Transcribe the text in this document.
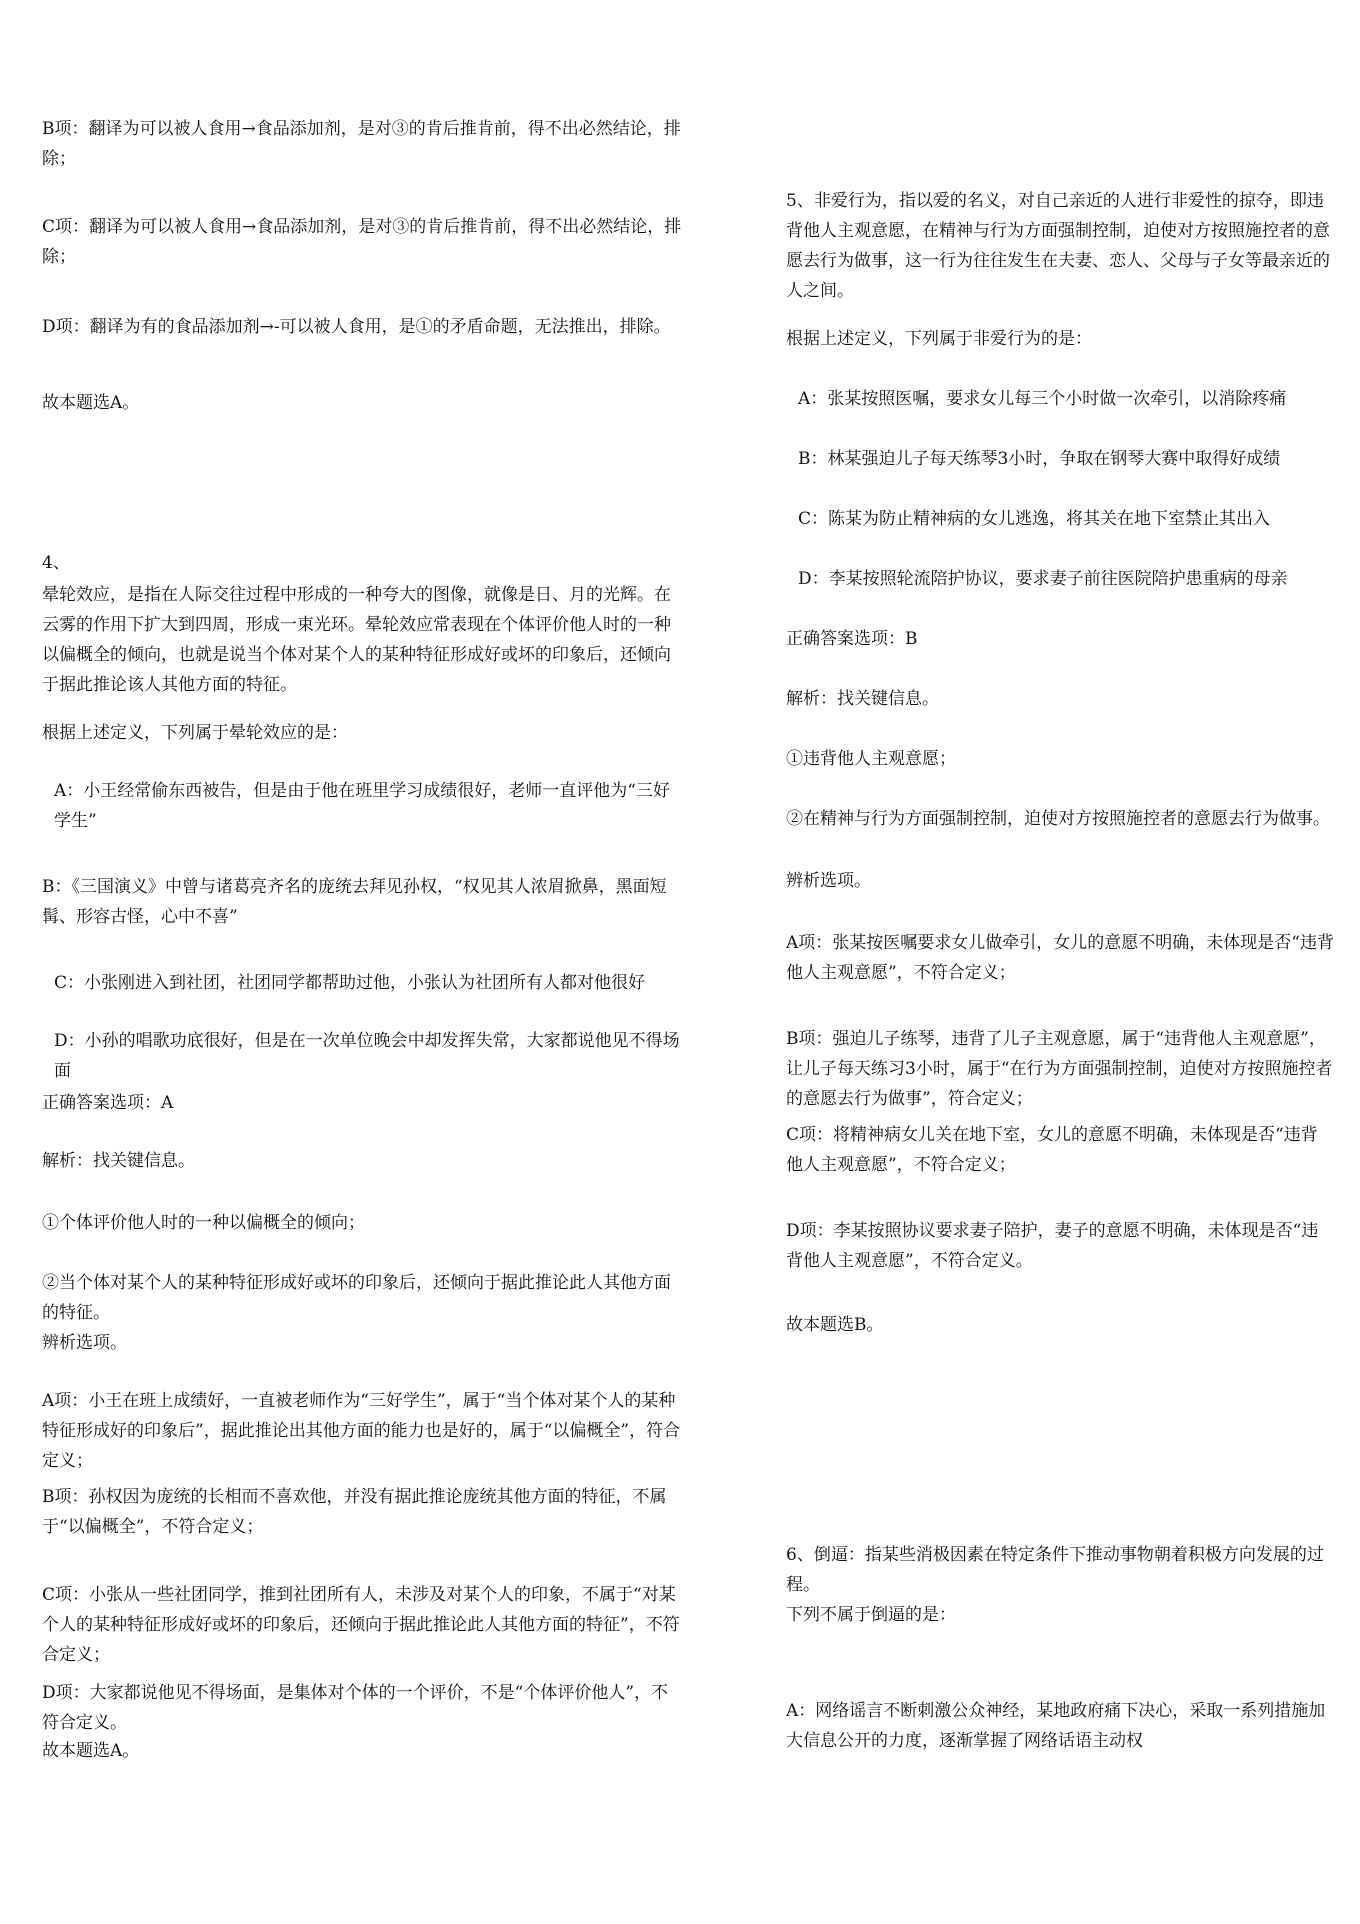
B项：翻译为可以被人食用→食品添加剂，是对③的肯后推肯前，得不出必然结论，排除；
C项：翻译为可以被人食用→食品添加剂，是对③的肯后推肯前，得不出必然结论，排除；
D项：翻译为有的食品添加剂→-可以被人食用，是①的矛盾命题，无法推出，排除。
故本题选A。
4、
晕轮效应，是指在人际交往过程中形成的一种夸大的图像，就像是日、月的光辉。在云雾的作用下扩大到四周，形成一束光环。晕轮效应常表现在个体评价他人时的一种以偏概全的倾向，也就是说当个体对某个人的某种特征形成好或坏的印象后，还倾向于据此推论该人其他方面的特征。
根据上述定义，下列属于晕轮效应的是：
A：小王经常偷东西被告，但是由于他在班里学习成绩很好，老师一直评他为“三好学生”
B：《三国演义》中曾与诸葛亮齐名的庞统去拜见孙权，“权见其人浓眉掀鼻，黑面短髯、形容古怪，心中不喜”
C：小张刚进入到社团，社团同学都帮助过他，小张认为社团所有人都对他很好
D：小孙的唱歌功底很好，但是在一次单位晚会中却发挥失常，大家都说他见不得场面
正确答案选项：A
解析：找关键信息。
①个体评价他人时的一种以偏概全的倾向；
②当个体对某个人的某种特征形成好或坏的印象后，还倾向于据此推论此人其他方面的特征。
辨析选项。
A项：小王在班上成绩好，一直被老师作为“三好学生”，属于“当个体对某个人的某种特征形成好的印象后”，据此推论出其他方面的能力也是好的，属于“以偏概全”，符合定义；
B项：孙权因为庞统的长相而不喜欢他，并没有据此推论庞统其他方面的特征，不属于“以偏概全”，不符合定义；
C项：小张从一些社团同学，推到社团所有人，未涉及对某个人的印象，不属于“对某个人的某种特征形成好或坏的印象后，还倾向于据此推论此人其他方面的特征”，不符合定义；
D项：大家都说他见不得场面，是集体对个体的一个评价，不是“个体评价他人”，不符合定义。
故本题选A。
5、非爱行为，指以爱的名义，对自己亲近的人进行非爱性的掠夺，即违背他人主观意愿，在精神与行为方面强制控制，迫使对方按照施控者的意愿去行为做事，这一行为往往发生在夫妻、恋人、父母与子女等最亲近的人之间。
根据上述定义，下列属于非爱行为的是：
A：张某按照医嘱，要求女儿每三个小时做一次牵引，以消除疼痛
B：林某强迫儿子每天练琴3小时，争取在钢琴大赛中取得好成绩
C：陈某为防止精神病的女儿逃逸，将其关在地下室禁止其出入
D：李某按照轮流陪护协议，要求妻子前往医院陪护患重病的母亲
正确答案选项：B
解析：找关键信息。
①违背他人主观意愿；
②在精神与行为方面强制控制，迫使对方按照施控者的意愿去行为做事。
辨析选项。
A项：张某按医嘱要求女儿做牵引，女儿的意愿不明确，未体现是否“违背他人主观意愿”，不符合定义；
B项：强迫儿子练琴，违背了儿子主观意愿，属于“违背他人主观意愿”，让儿子每天练习3小时，属于“在行为方面强制控制，迫使对方按照施控者的意愿去行为做事”，符合定义；
C项：将精神病女儿关在地下室，女儿的意愿不明确，未体现是否“违背他人主观意愿”，不符合定义；
D项：李某按照协议要求妻子陪护，妻子的意愿不明确，未体现是否“违背他人主观意愿”，不符合定义。
故本题选B。
6、倒逼：指某些消极因素在特定条件下推动事物朝着积极方向发展的过程。
下列不属于倒逼的是：
A：网络谣言不断刺激公众神经，某地政府痛下决心，采取一系列措施加大信息公开的力度，逐渐掌握了网络话语主动权
